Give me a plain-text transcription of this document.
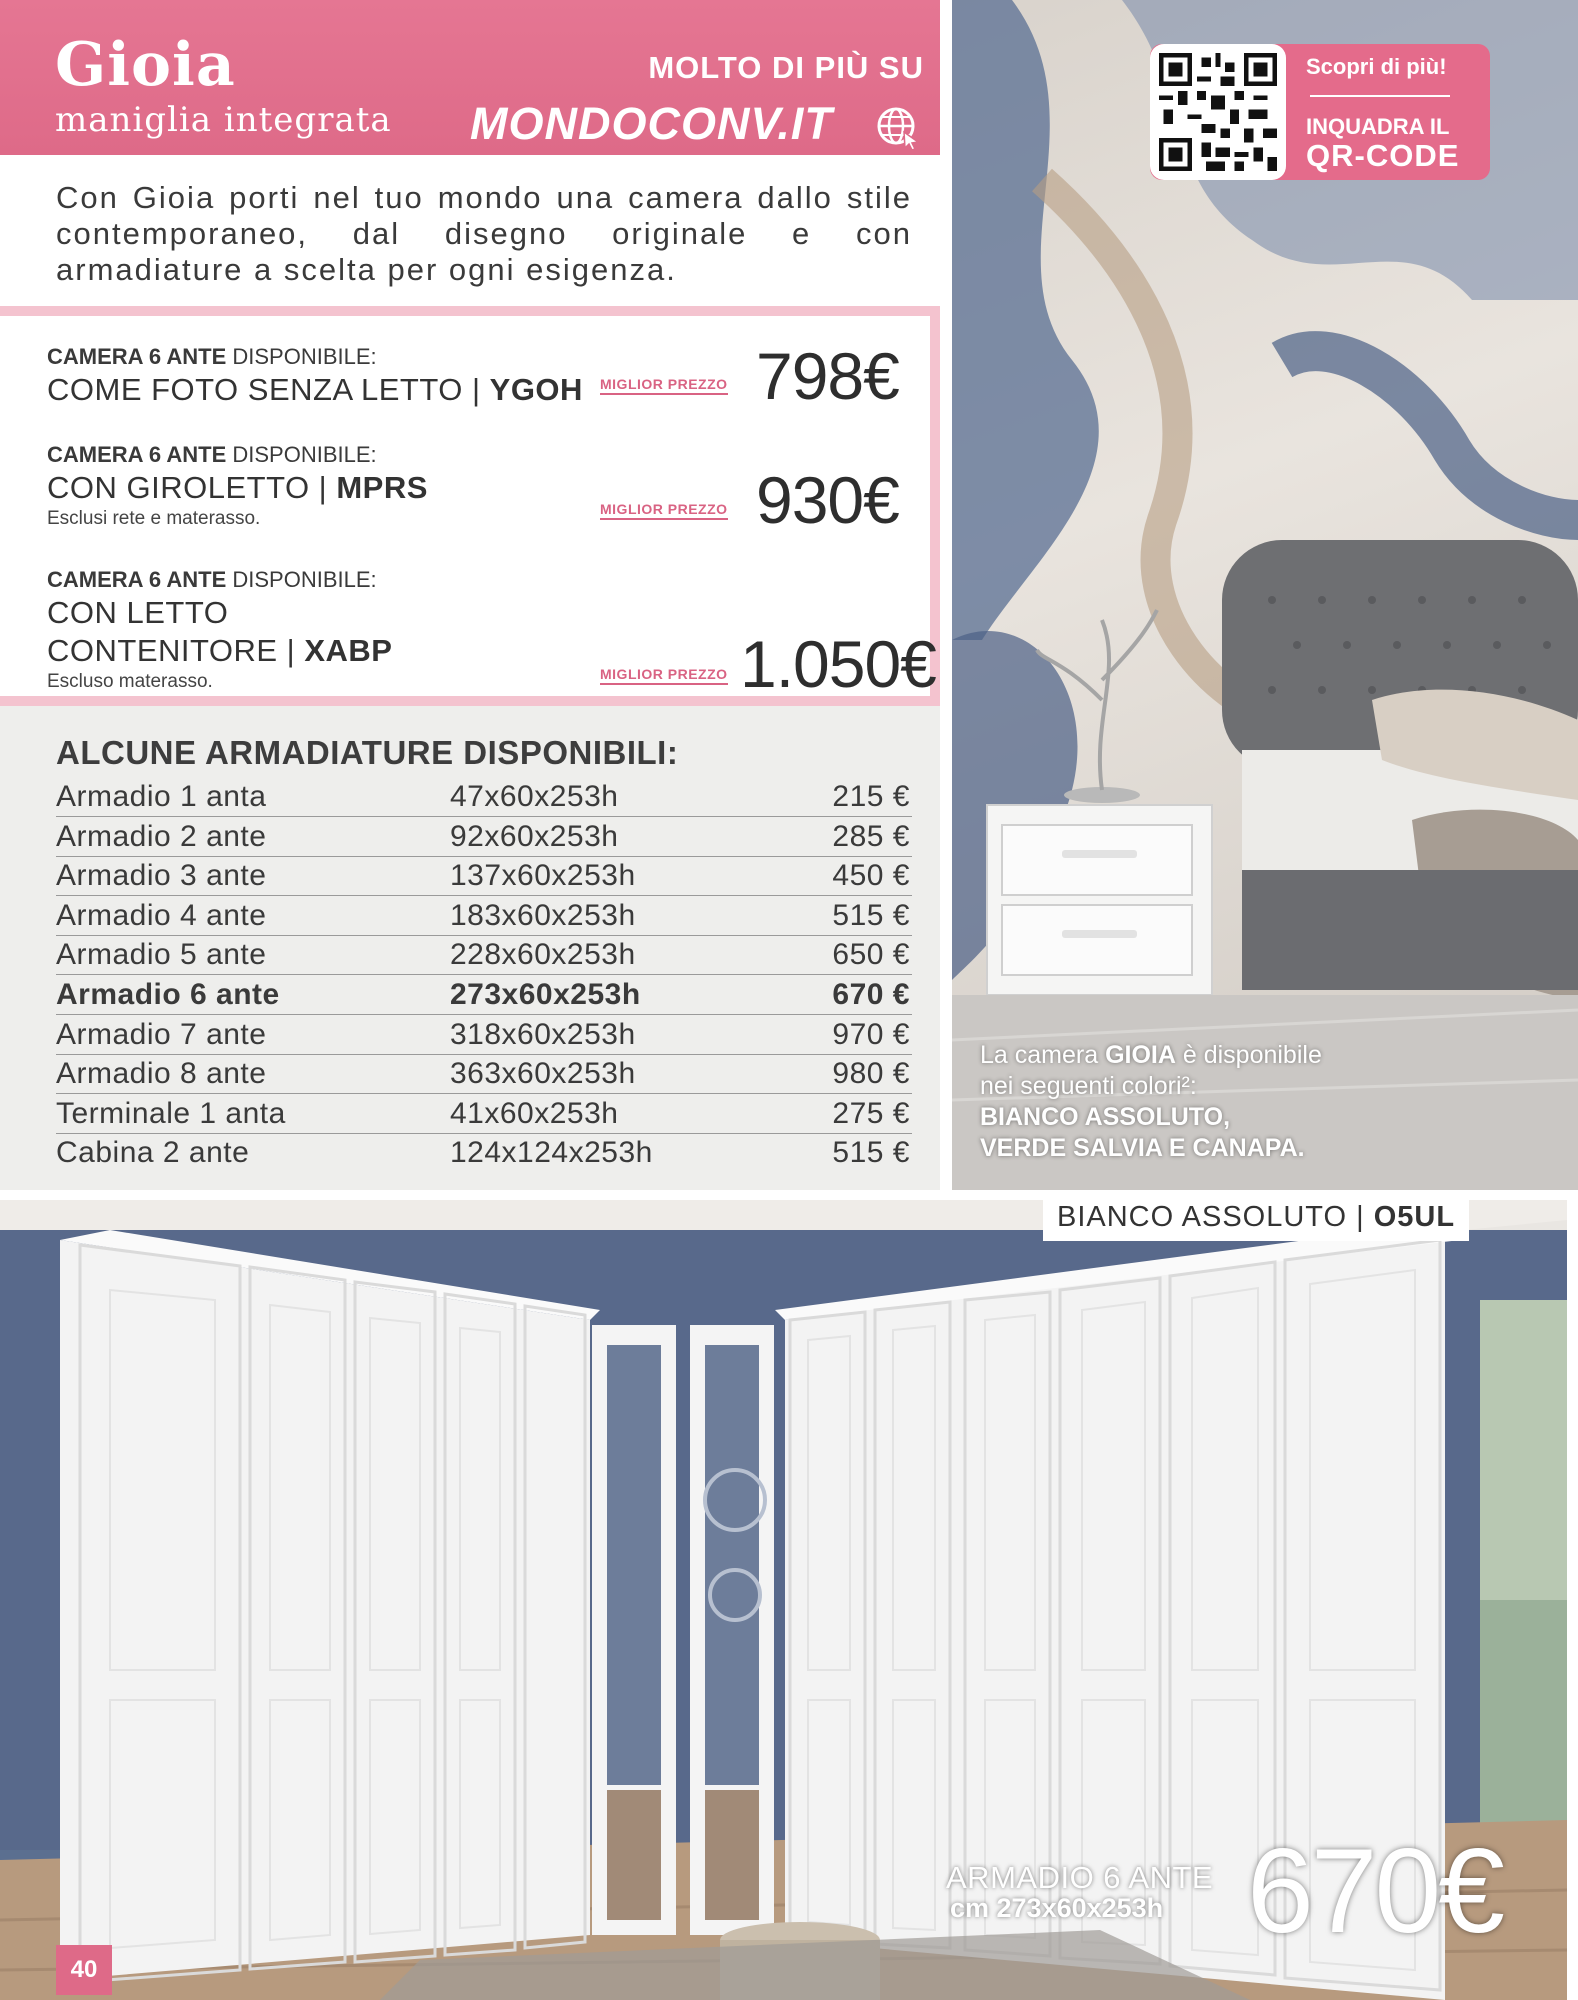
Gioia
maniglia integrata
MOLTO DI PIÙ SU
MONDOCONV.IT

Con Gioia porti nel tuo mondo una camera dallo stile contemporaneo, dal disegno originale e con armadiature a scelta per ogni esigenza.

CAMERA 6 ANTE DISPONIBILE:
COME FOTO SENZA LETTO | YGOH	MIGLIOR PREZZO 798€
CAMERA 6 ANTE DISPONIBILE:
CON GIROLETTO | MPRS
Esclusi rete e materasso.	MIGLIOR PREZZO 930€
CAMERA 6 ANTE DISPONIBILE:
CON LETTO
CONTENITORE | XABP
Escluso materasso.	MIGLIOR PREZZO 1.050€
ALCUNE ARMADIATURE DISPONIBILI:
Armadio 1 anta	47x60x253h	215 €
Armadio 2 ante	92x60x253h	285 €
Armadio 3 ante	137x60x253h	450 €
Armadio 4 ante	183x60x253h	515 €
Armadio 5 ante	228x60x253h	650 €
Armadio 6 ante	273x60x253h	670 €
Armadio 7 ante	318x60x253h	970 €
Armadio 8 ante	363x60x253h	980 €
Terminale 1 anta	41x60x253h	275 €
Cabina 2 ante	124x124x253h	515 €
Scopri di più!
INQUADRA IL
QR-CODE
La camera GIOIA è disponibile
nei seguenti colori²:
BIANCO ASSOLUTO,
VERDE SALVIA E CANAPA.
BIANCO ASSOLUTO | O5UL
ARMADIO 6 ANTE
cm 273x60x253h 670€
40
